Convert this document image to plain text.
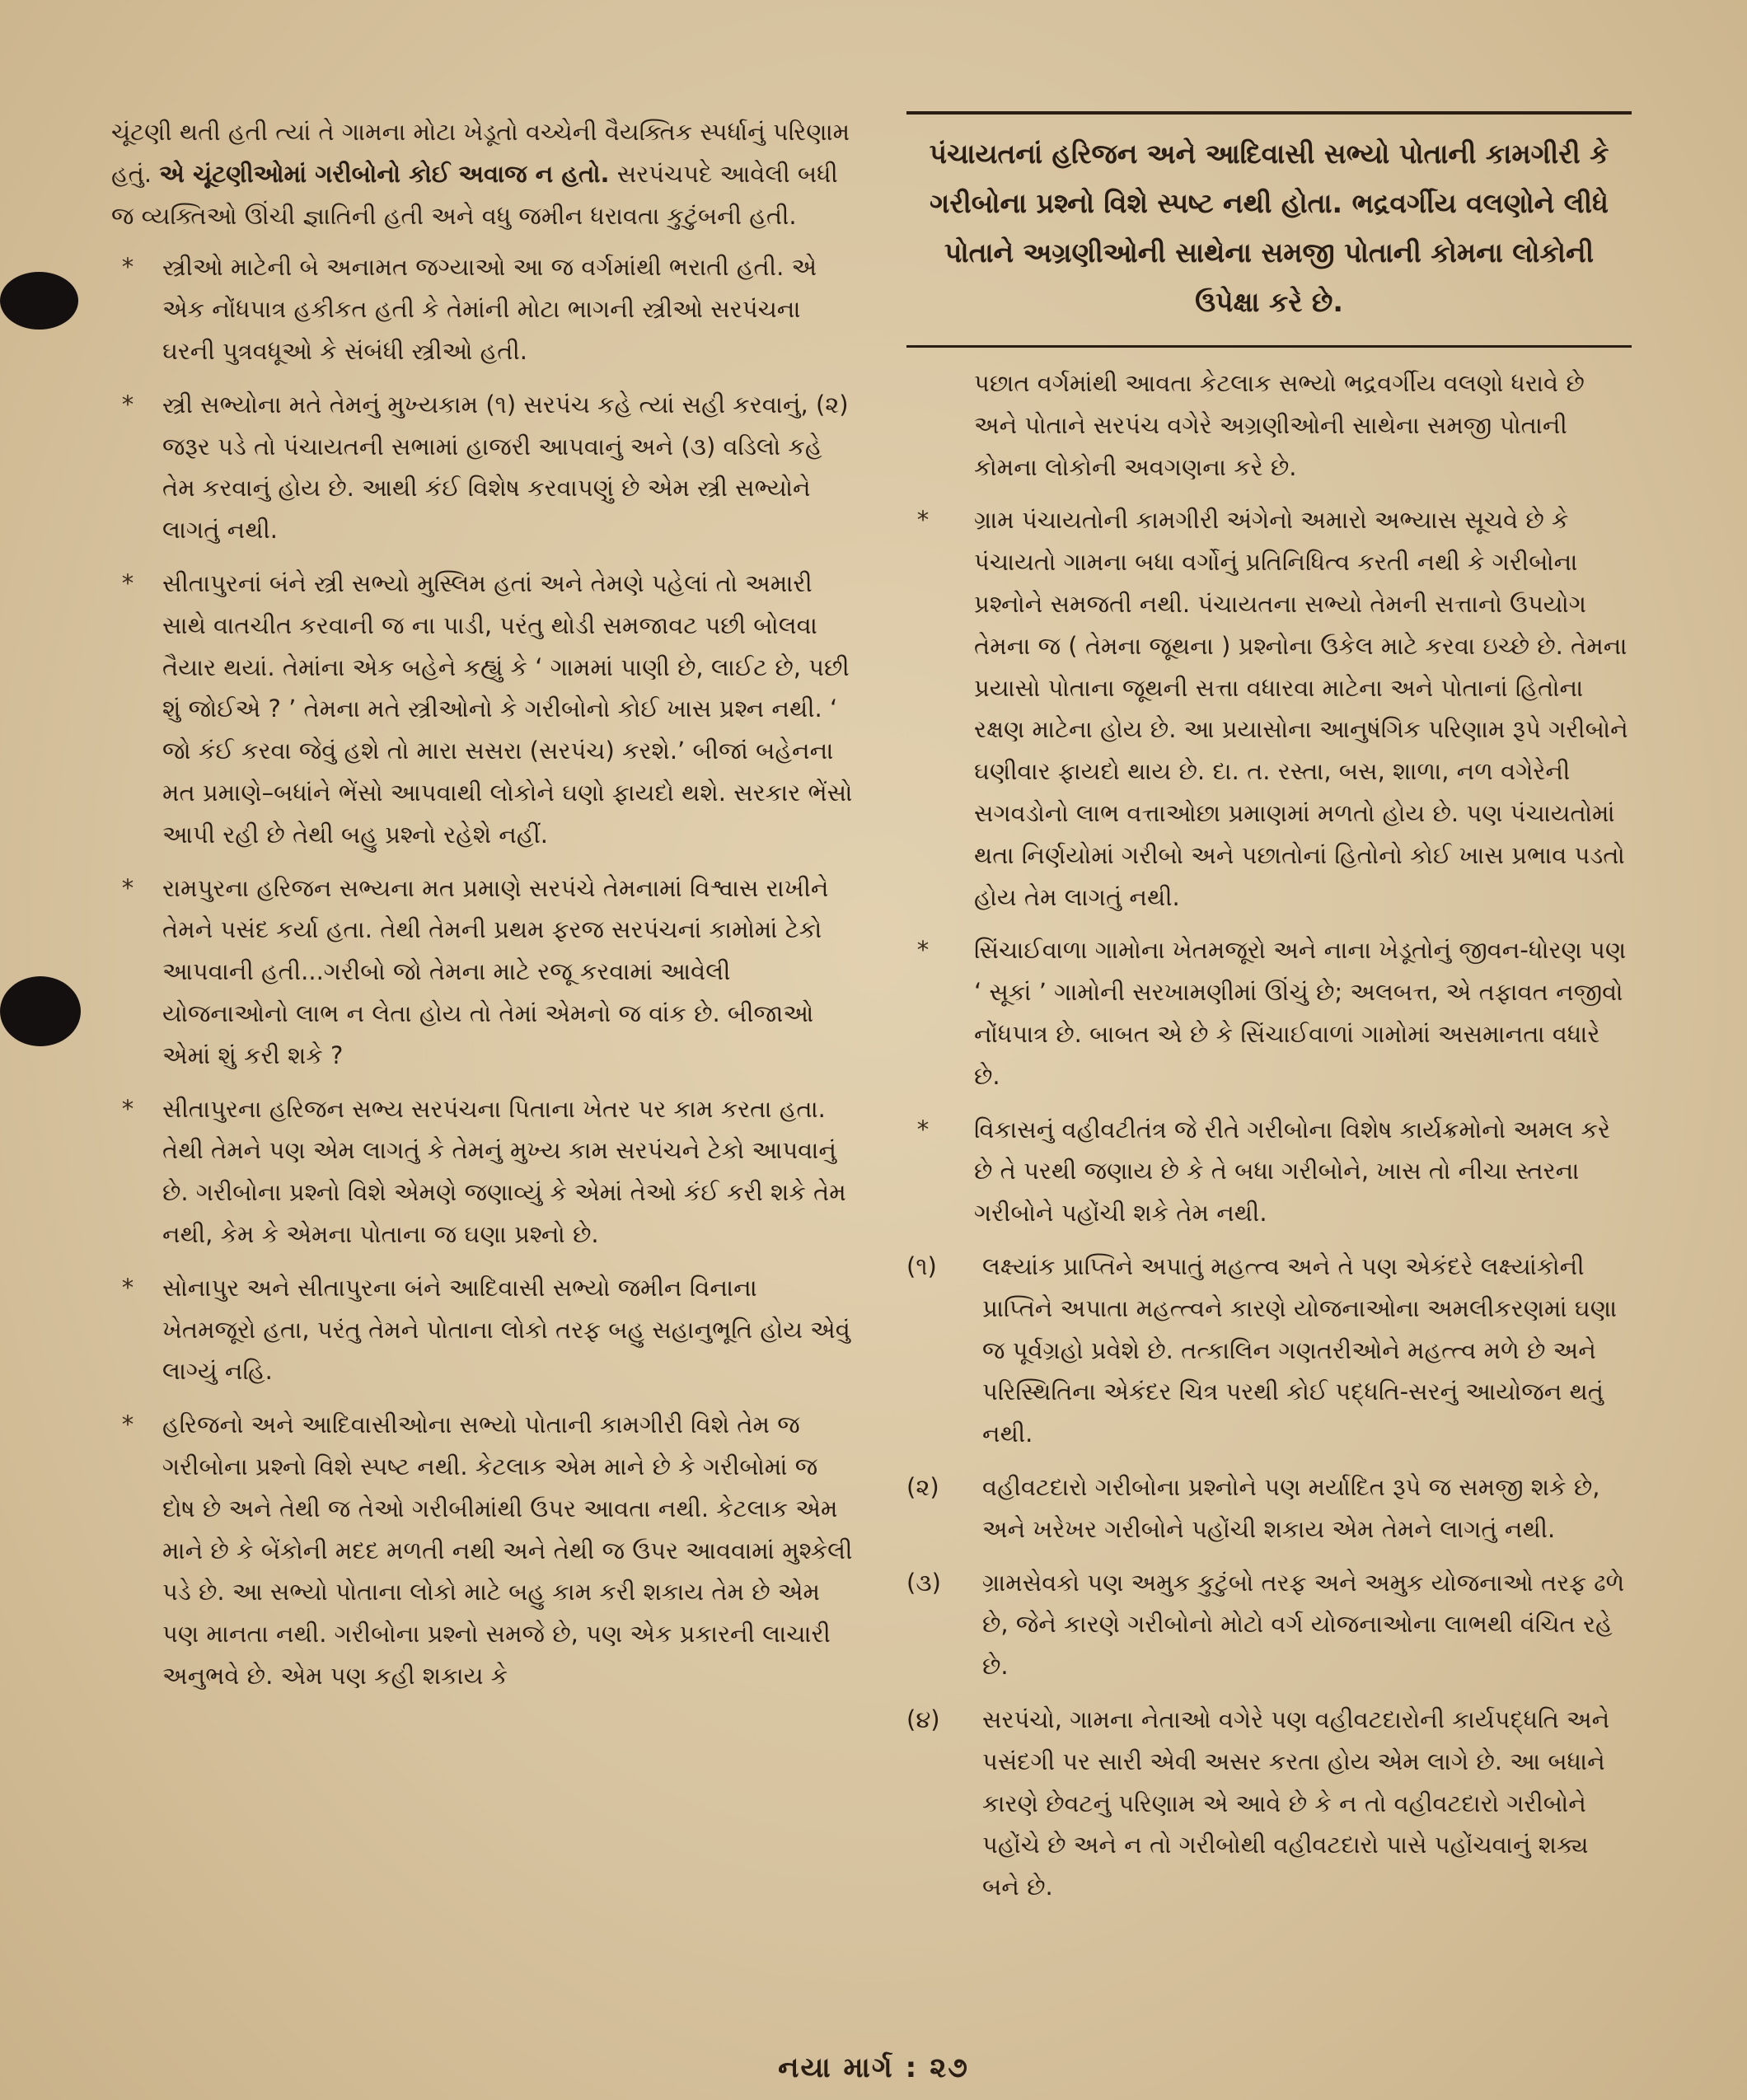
ચૂંટણી થતી હતી ત્યાં તે ગામના મોટા ખેડૂતો વચ્ચેની વૈયક્તિક સ્પર્ધાનું પરિણામ હતું. એ ચૂંટણીઓમાં ગરીબોનો કોઈ અવાજ ન હતો. સરપંચપદે આવેલી બધી જ વ્યક્તિઓ ઊંચી જ્ઞાતિની હતી અને વધુ જમીન ધરાવતા કુટુંબની હતી.

*	સ્ત્રીઓ માટેની બે અનામત જગ્યાઓ આ જ વર્ગમાંથી ભરાતી હતી. એ એક નોંધપાત્ર હકીકત હતી કે તેમાંની મોટા ભાગની સ્ત્રીઓ સરપંચના ઘરની પુત્રવધૂઓ કે સંબંધી સ્ત્રીઓ હતી.
*	સ્ત્રી સભ્યોના મતે તેમનું મુખ્યકામ (૧) સરપંચ કહે ત્યાં સહી કરવાનું, (૨) જરૂર પડે તો પંચાયતની સભામાં હાજરી આપવાનું અને (૩) વડિલો કહે તેમ કરવાનું હોય છે. આથી કંઈ વિશેષ કરવાપણું છે એમ સ્ત્રી સભ્યોને લાગતું નથી.
*	સીતાપુરનાં બંને સ્ત્રી સભ્યો મુસ્લિમ હતાં અને તેમણે પહેલાં તો અમારી સાથે વાતચીત કરવાની જ ના પાડી, પરંતુ થોડી સમજાવટ પછી બોલવા તૈયાર થયાં. તેમાંના એક બહેને કહ્યું કે ‘ ગામમાં પાણી છે, લાઈટ છે, પછી શું જોઈએ ? ’ તેમના મતે સ્ત્રીઓનો કે ગરીબોનો કોઈ ખાસ પ્રશ્ન નથી. ‘ જો કંઈ કરવા જેવું હશે તો મારા સસરા (સરપંચ) કરશે.’ બીજાં બહેનના મત પ્રમાણે–બધાંને ભેંસો આપવાથી લોકોને ઘણો ફાયદો થશે. સરકાર ભેંસો આપી રહી છે તેથી બહુ પ્રશ્નો રહેશે નહીં.
*	રામપુરના હરિજન સભ્યના મત પ્રમાણે સરપંચે તેમનામાં વિશ્વાસ રાખીને તેમને પસંદ કર્યા હતા. તેથી તેમની પ્રથમ ફરજ સરપંચનાં કામોમાં ટેકો આપવાની હતી...ગરીબો જો તેમના માટે રજૂ કરવામાં આવેલી યોજનાઓનો લાભ ન લેતા હોય તો તેમાં એમનો જ વાંક છે. બીજાઓ એમાં શું કરી શકે ?
*	સીતાપુરના હરિજન સભ્ય સરપંચના પિતાના ખેતર પર કામ કરતા હતા. તેથી તેમને પણ એમ લાગતું કે તેમનું મુખ્ય કામ સરપંચને ટેકો આપવાનું છે. ગરીબોના પ્રશ્નો વિશે એમણે જણાવ્યું કે એમાં તેઓ કંઈ કરી શકે તેમ નથી, કેમ કે એમના પોતાના જ ઘણા પ્રશ્નો છે.
*	સોનાપુર અને સીતાપુરના બંને આદિવાસી સભ્યો જમીન વિનાના ખેતમજૂરો હતા, પરંતુ તેમને પોતાના લોકો તરફ બહુ સહાનુભૂતિ હોય એવું લાગ્યું નહિ.
*	હરિજનો અને આદિવાસીઓના સભ્યો પોતાની કામગીરી વિશે તેમ જ ગરીબોના પ્રશ્નો વિશે સ્પષ્ટ નથી. કેટલાક એમ માને છે કે ગરીબોમાં જ દોષ છે અને તેથી જ તેઓ ગરીબીમાંથી ઉપર આવતા નથી. કેટલાક એમ માને છે કે બેંકોની મદદ મળતી નથી અને તેથી જ ઉપર આવવામાં મુશ્કેલી પડે છે. આ સભ્યો પોતાના લોકો માટે બહુ કામ કરી શકાય તેમ છે એમ પણ માનતા નથી. ગરીબોના પ્રશ્નો સમજે છે, પણ એક પ્રકારની લાચારી અનુભવે છે. એમ પણ કહી શકાય કે
પંચાયતનાં હરિજન અને આદિવાસી સભ્યો પોતાની કામગીરી કે ગરીબોના પ્રશ્નો વિશે સ્પષ્ટ નથી હોતા. ભદ્રવર્ગીય વલણોને લીધે પોતાને અગ્રણીઓની સાથેના સમજી પોતાની કોમના લોકોની ઉપેક્ષા કરે છે.

પછાત વર્ગમાંથી આવતા કેટલાક સભ્યો ભદ્રવર્ગીય વલણો ધરાવે છે અને પોતાને સરપંચ વગેરે અગ્રણીઓની સાથેના સમજી પોતાની કોમના લોકોની અવગણના કરે છે.

*	ગ્રામ પંચાયતોની કામગીરી અંગેનો અમારો અભ્યાસ સૂચવે છે કે પંચાયતો ગામના બધા વર્ગોનું પ્રતિનિધિત્વ કરતી નથી કે ગરીબોના પ્રશ્નોને સમજતી નથી. પંચાયતના સભ્યો તેમની સત્તાનો ઉપયોગ તેમના જ ( તેમના જૂથના ) પ્રશ્નોના ઉકેલ માટે કરવા ઇચ્છે છે. તેમના પ્રયાસો પોતાના જૂથની સત્તા વધારવા માટેના અને પોતાનાં હિતોના રક્ષણ માટેના હોય છે. આ પ્રયાસોના આનુષંગિક પરિણામ રૂપે ગરીબોને ઘણીવાર ફાયદો થાય છે. દા. ત. રસ્તા, બસ, શાળા, નળ વગેરેની સગવડોનો લાભ વત્તાઓછા પ્રમાણમાં મળતો હોય છે. પણ પંચાયતોમાં થતા નિર્ણયોમાં ગરીબો અને પછાતોનાં હિતોનો કોઈ ખાસ પ્રભાવ પડતો હોય તેમ લાગતું નથી.
*	સિંચાઈવાળા ગામોના ખેતમજૂરો અને નાના ખેડૂતોનું જીવન-ધોરણ પણ ‘ સૂકાં ’ ગામોની સરખામણીમાં ઊંચું છે; અલબત્ત, એ તફાવત નજીવો નોંધપાત્ર છે. બાબત એ છે કે સિંચાઈવાળાં ગામોમાં અસમાનતા વધારે છે.
*	વિકાસનું વહીવટીતંત્ર જે રીતે ગરીબોના વિશેષ કાર્યક્રમોનો અમલ કરે છે તે પરથી જણાય છે કે તે બધા ગરીબોને, ખાસ તો નીચા સ્તરના ગરીબોને પહોંચી શકે તેમ નથી.
(૧) લક્ષ્યાંક પ્રાપ્તિને અપાતું મહત્ત્વ અને તે પણ એકંદરે લક્ષ્યાંકોની પ્રાપ્તિને અપાતા મહત્ત્વને કારણે યોજનાઓના અમલીકરણમાં ઘણા જ પૂર્વગ્રહો પ્રવેશે છે. તત્કાલિન ગણતરીઓને મહત્ત્વ મળે છે અને પરિસ્થિતિના એકંદર ચિત્ર પરથી કોઈ પદ્ધતિ-સરનું આયોજન થતું નથી.
(૨) વહીવટદારો ગરીબોના પ્રશ્નોને પણ મર્યાદિત રૂપે જ સમજી શકે છે, અને ખરેખર ગરીબોને પહોંચી શકાય એમ તેમને લાગતું નથી.
(૩) ગ્રામસેવકો પણ અમુક કુટુંબો તરફ અને અમુક યોજનાઓ તરફ ઢળે છે, જેને કારણે ગરીબોનો મોટો વર્ગ યોજનાઓના લાભથી વંચિત રહે છે.
(૪) સરપંચો, ગામના નેતાઓ વગેરે પણ વહીવટદારોની કાર્યપદ્ધતિ અને પસંદગી પર સારી એવી અસર કરતા હોય એમ લાગે છે. આ બધાને કારણે છેવટનું પરિણામ એ આવે છે કે ન તો વહીવટદારો ગરીબોને પહોંચે છે અને ન તો ગરીબોથી વહીવટદારો પાસે પહોંચવાનું શક્ય બને છે.
નયા માર્ગ : ૨૭
